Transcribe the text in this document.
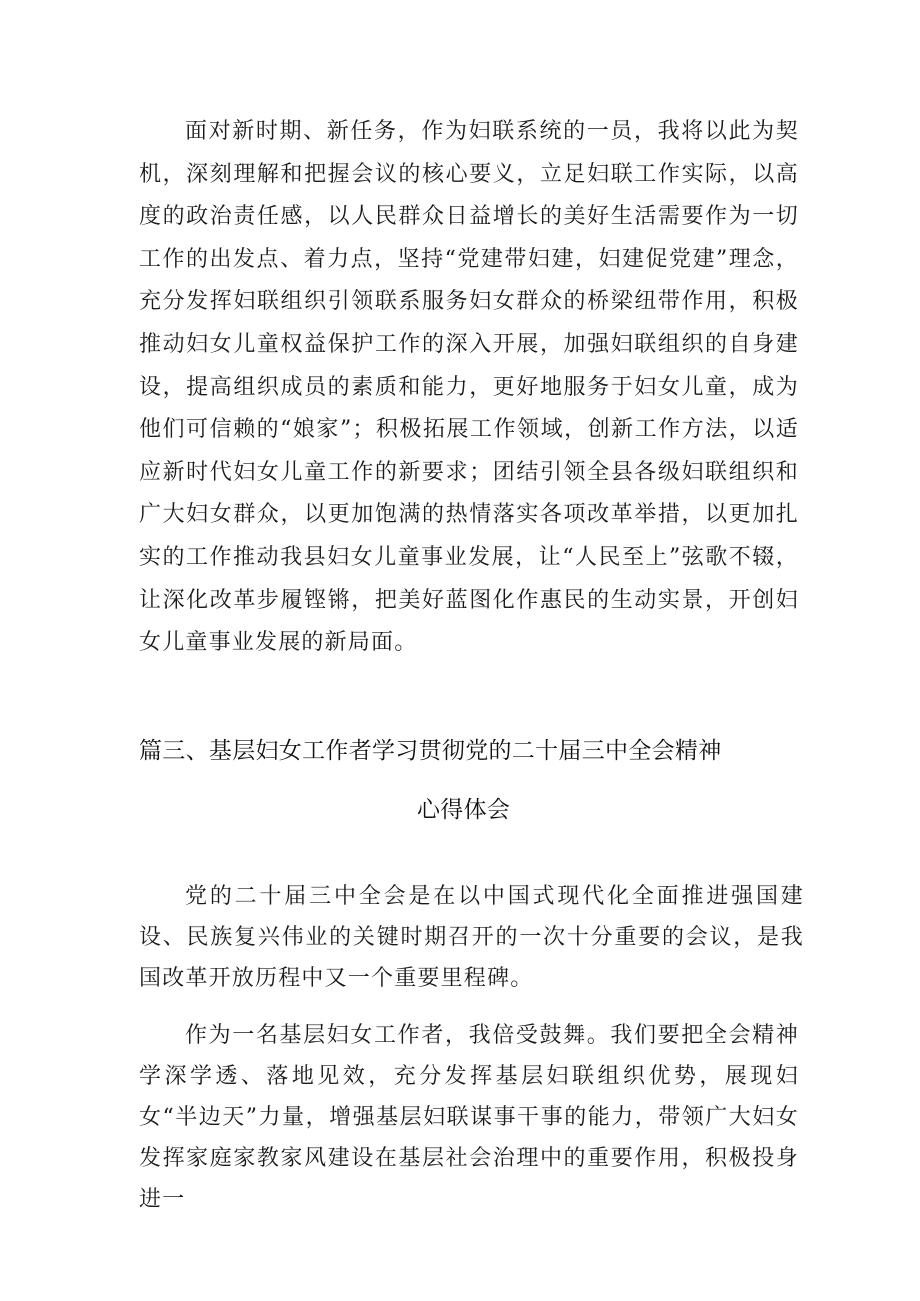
面对新时期、新任务，作为妇联系统的一员，我将以此为契机，深刻理解和把握会议的核心要义，立足妇联工作实际，以高度的政治责任感，以人民群众日益增长的美好生活需要作为一切工作的出发点、着力点，坚持“党建带妇建，妇建促党建”理念，充分发挥妇联组织引领联系服务妇女群众的桥梁纽带作用，积极推动妇女儿童权益保护工作的深入开展，加强妇联组织的自身建设，提高组织成员的素质和能力，更好地服务于妇女儿童，成为他们可信赖的“娘家”；积极拓展工作领域，创新工作方法，以适应新时代妇女儿童工作的新要求；团结引领全县各级妇联组织和广大妇女群众，以更加饱满的热情落实各项改革举措，以更加扎实的工作推动我县妇女儿童事业发展，让“人民至上”弦歌不辍，让深化改革步履铿锵，把美好蓝图化作惠民的生动实景，开创妇女儿童事业发展的新局面。

篇三、基层妇女工作者学习贯彻党的二十届三中全会精神
心得体会

党的二十届三中全会是在以中国式现代化全面推进强国建设、民族复兴伟业的关键时期召开的一次十分重要的会议，是我国改革开放历程中又一个重要里程碑。

作为一名基层妇女工作者，我倍受鼓舞。我们要把全会精神学深学透、落地见效，充分发挥基层妇联组织优势，展现妇女“半边天”力量，增强基层妇联谋事干事的能力，带领广大妇女发挥家庭家教家风建设在基层社会治理中的重要作用，积极投身进一
